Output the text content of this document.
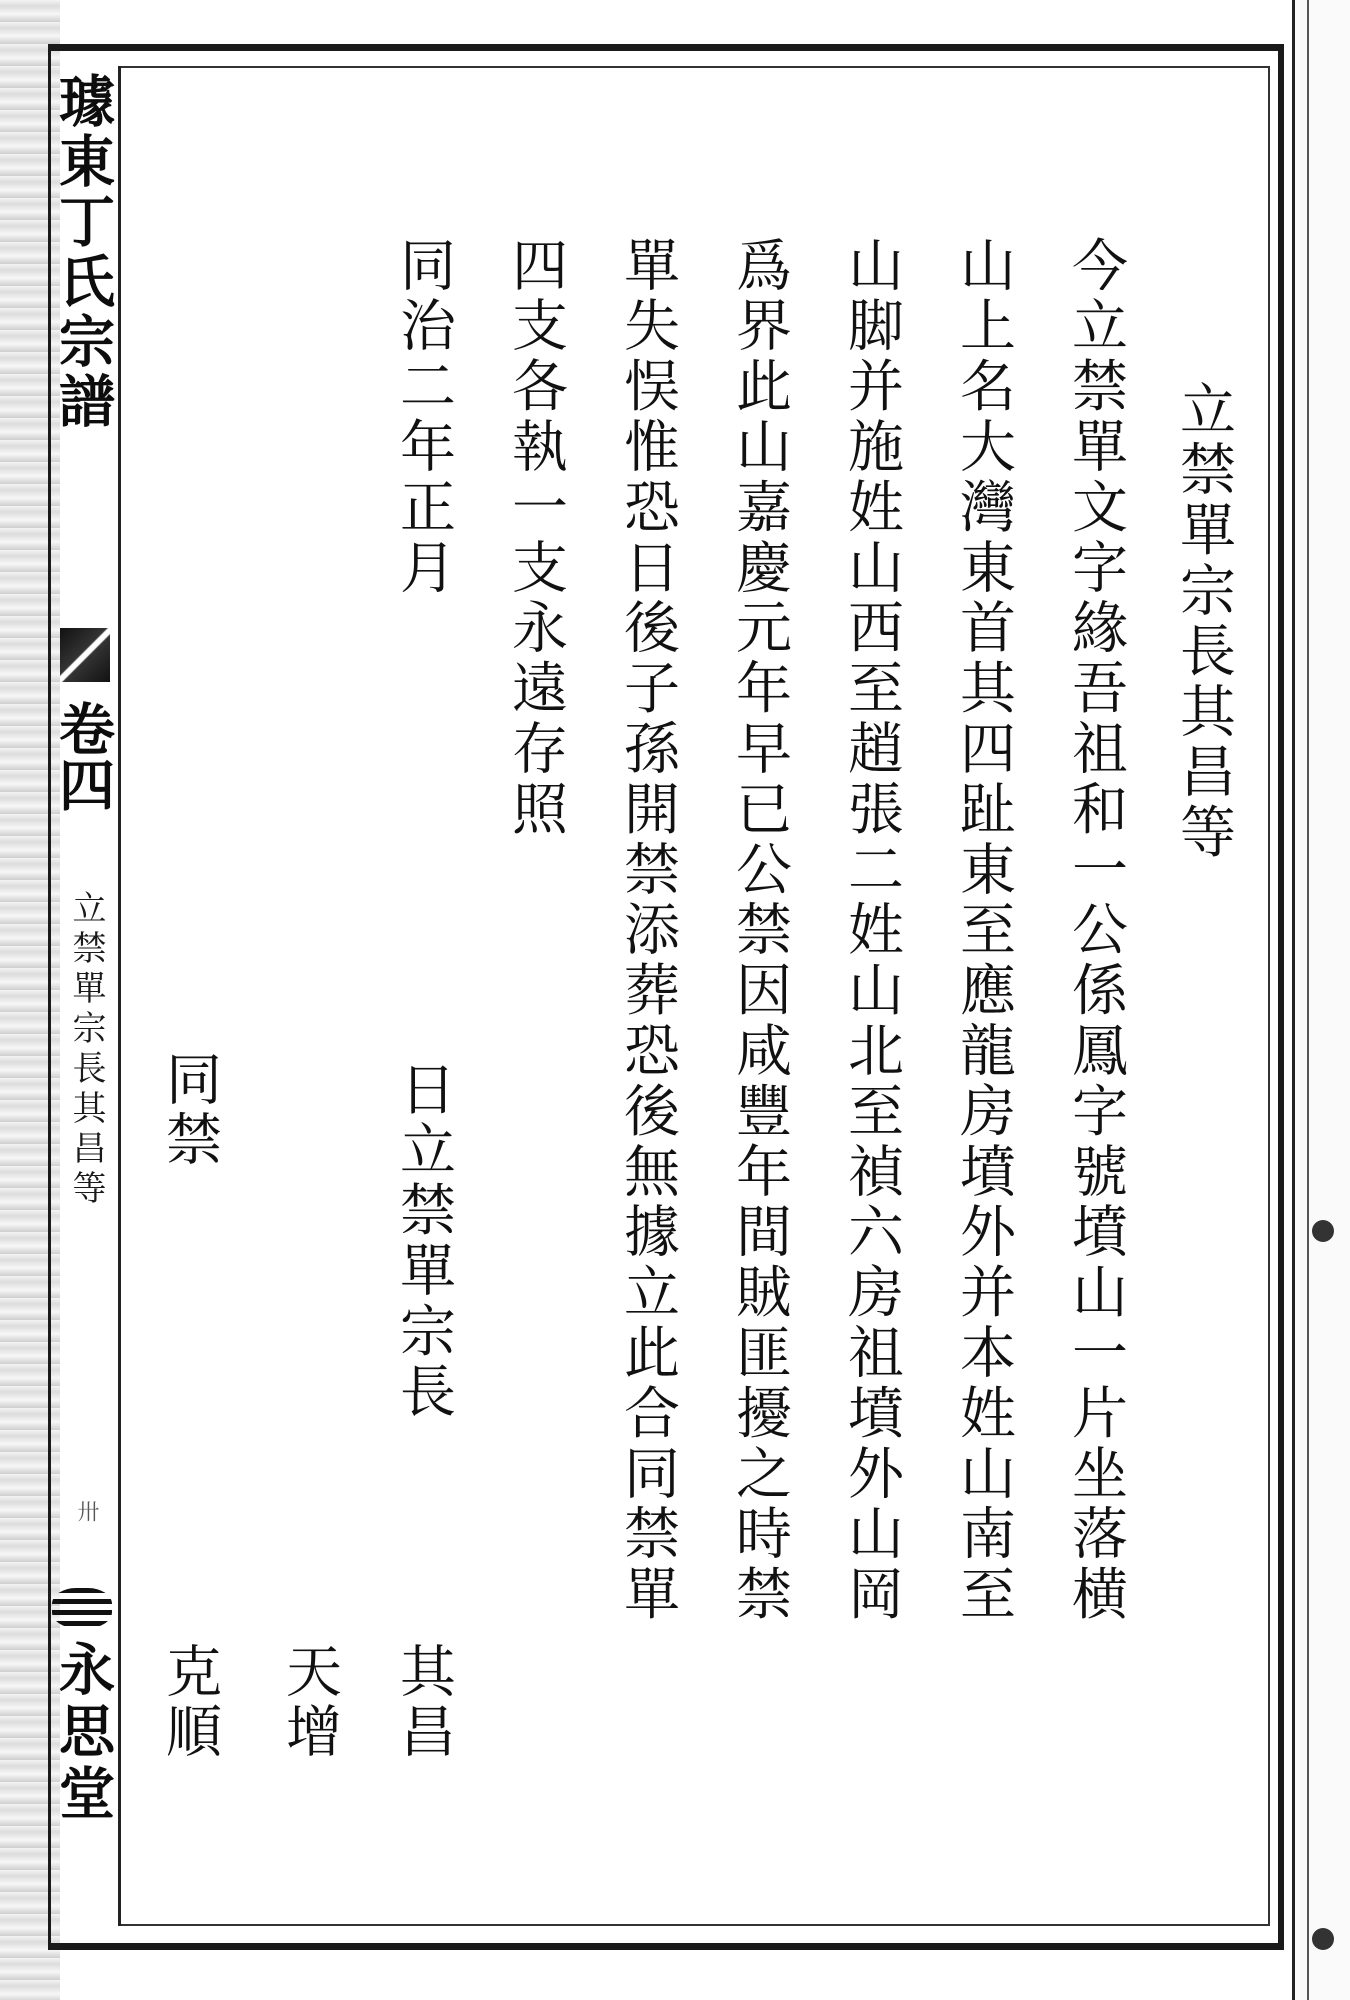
璩東丁氏宗譜
卷四
立禁單宗長其昌等
卅
永思堂
立禁單宗長其昌等
今立禁單文字緣吾祖和一公係鳳字號墳山一片坐落横
山上名大灣東首其四趾東至應龍房墳外并本姓山南至
山脚并施姓山西至趙張二姓山北至禎六房祖墳外山岡
爲界此山嘉慶元年早已公禁因咸豐年間賊匪擾之時禁
單失悮惟恐日後子孫開禁添葬恐後無據立此合同禁單
四支各執一支永遠存照
同治二年正月
日立禁單宗長
其昌
天增
同禁
克順
